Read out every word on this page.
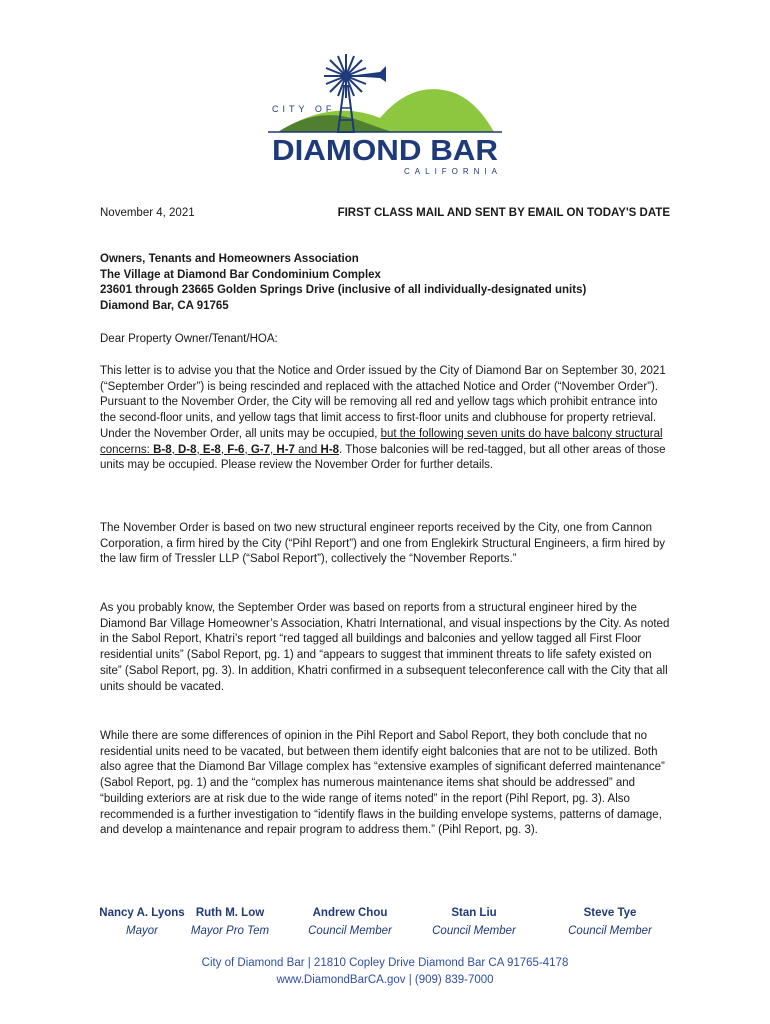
CITY OF
DIAMOND BAR
CALIFORNIA
November 4, 2021	FIRST CLASS MAIL AND SENT BY EMAIL ON TODAY'S DATE
Owners, Tenants and Homeowners Association
The Village at Diamond Bar Condominium Complex
23601 through 23665 Golden Springs Drive (inclusive of all individually-designated units)
Diamond Bar, CA 91765
Dear Property Owner/Tenant/HOA:

This letter is to advise you that the Notice and Order issued by the City of Diamond Bar on September 30, 2021 (“September Order”) is being rescinded and replaced with the attached Notice and Order (“November Order”). Pursuant to the November Order, the City will be removing all red and yellow tags which prohibit entrance into the second-floor units, and yellow tags that limit access to first-floor units and clubhouse for property retrieval. Under the November Order, all units may be occupied, but the following seven units do have balcony structural concerns: B-8, D-8, E-8, F-6, G-7, H-7 and H-8. Those balconies will be red-tagged, but all other areas of those units may be occupied. Please review the November Order for further details.

The November Order is based on two new structural engineer reports received by the City, one from Cannon Corporation, a firm hired by the City (“Pihl Report”) and one from Englekirk Structural Engineers, a firm hired by the law firm of Tressler LLP (“Sabol Report”), collectively the “November Reports.”

As you probably know, the September Order was based on reports from a structural engineer hired by the Diamond Bar Village Homeowner’s Association, Khatri International, and visual inspections by the City. As noted in the Sabol Report, Khatri’s report “red tagged all buildings and balconies and yellow tagged all First Floor residential units” (Sabol Report, pg. 1) and “appears to suggest that imminent threats to life safety existed on site” (Sabol Report, pg. 3). In addition, Khatri confirmed in a subsequent teleconference call with the City that all units should be vacated.

While there are some differences of opinion in the Pihl Report and Sabol Report, they both conclude that no residential units need to be vacated, but between them identify eight balconies that are not to be utilized. Both also agree that the Diamond Bar Village complex has “extensive examples of significant deferred maintenance” (Sabol Report, pg. 1) and the “complex has numerous maintenance items shat should be addressed” and “building exteriors are at risk due to the wide range of items noted” in the report (Pihl Report, pg. 3). Also recommended is a further investigation to “identify flaws in the building envelope systems, patterns of damage, and develop a maintenance and repair program to address them.” (Pihl Report, pg. 3).

Nancy A. Lyons
Mayor
Ruth M. Low
Mayor Pro Tem
Andrew Chou
Council Member
Stan Liu
Council Member
Steve Tye
Council Member
City of Diamond Bar | 21810 Copley Drive Diamond Bar CA 91765-4178
www.DiamondBarCA.gov | (909) 839-7000
